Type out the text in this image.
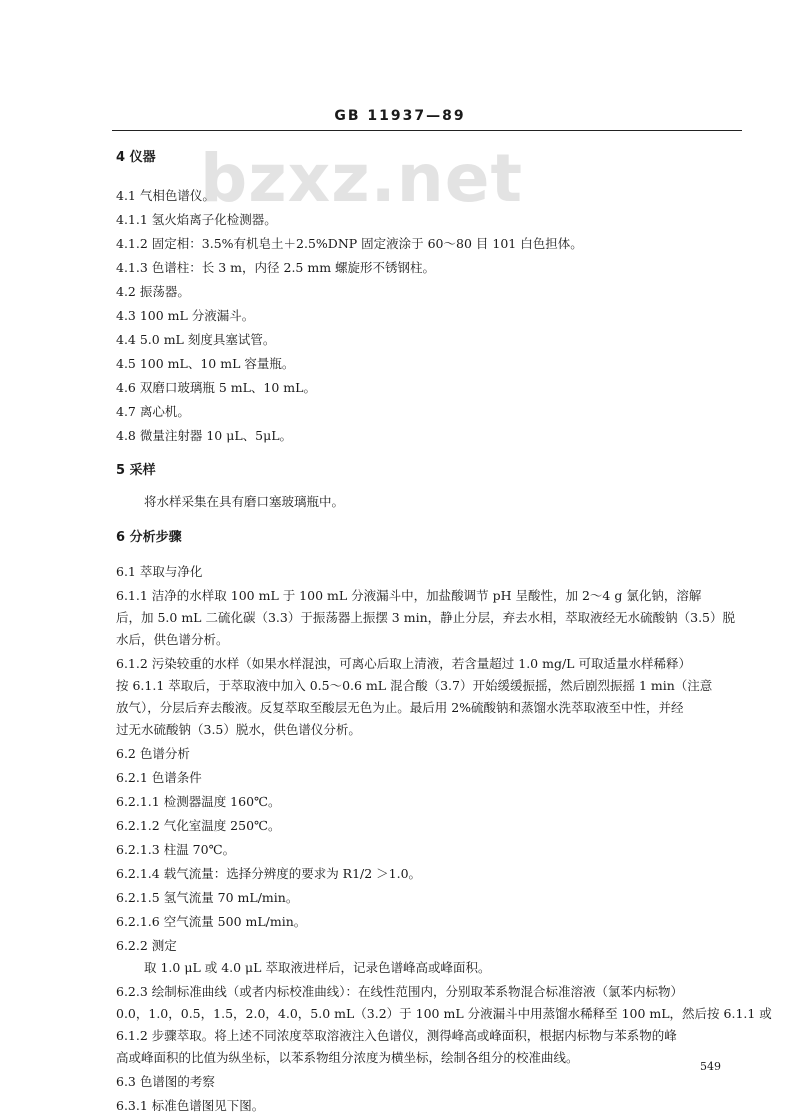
GB 11937—89
bzxz.net
4 仪器
4.1 气相色谱仪。
4.1.1 氢火焰离子化检测器。
4.1.2 固定相：3.5%有机皂土＋2.5%DNP 固定液涂于 60～80 目 101 白色担体。
4.1.3 色谱柱：长 3 m，内径 2.5 mm 螺旋形不锈钢柱。
4.2 振荡器。
4.3 100 mL 分液漏斗。
4.4 5.0 mL 刻度具塞试管。
4.5 100 mL、10 mL 容量瓶。
4.6 双磨口玻璃瓶 5 mL、10 mL。
4.7 离心机。
4.8 微量注射器 10 μL、5μL。
5 采样
将水样采集在具有磨口塞玻璃瓶中。
6 分析步骤
6.1 萃取与净化
6.1.1 洁净的水样取 100 mL 于 100 mL 分液漏斗中，加盐酸调节 pH 呈酸性，加 2～4 g 氯化钠，溶解
后，加 5.0 mL 二硫化碳（3.3）于振荡器上振摆 3 min，静止分层，弃去水相，萃取液经无水硫酸钠（3.5）脱
水后，供色谱分析。
6.1.2 污染较重的水样（如果水样混浊，可离心后取上清液，若含量超过 1.0 mg/L 可取适量水样稀释）
按 6.1.1 萃取后，于萃取液中加入 0.5～0.6 mL 混合酸（3.7）开始缓缓振摇，然后剧烈振摇 1 min（注意
放气），分层后弃去酸液。反复萃取至酸层无色为止。最后用 2%硫酸钠和蒸馏水洗萃取液至中性，并经
过无水硫酸钠（3.5）脱水，供色谱仪分析。
6.2 色谱分析
6.2.1 色谱条件
6.2.1.1 检测器温度 160℃。
6.2.1.2 气化室温度 250℃。
6.2.1.3 柱温 70℃。
6.2.1.4 载气流量：选择分辨度的要求为 R1/2 ＞1.0。
6.2.1.5 氢气流量 70 mL/min。
6.2.1.6 空气流量 500 mL/min。
6.2.2 测定
取 1.0 μL 或 4.0 μL 萃取液进样后，记录色谱峰高或峰面积。
6.2.3 绘制标准曲线（或者内标校准曲线）：在线性范围内，分别取苯系物混合标准溶液（氯苯内标物）
0.0，1.0，0.5，1.5，2.0，4.0，5.0 mL（3.2）于 100 mL 分液漏斗中用蒸馏水稀释至 100 mL，然后按 6.1.1 或
6.1.2 步骤萃取。将上述不同浓度萃取溶液注入色谱仪，测得峰高或峰面积，根据内标物与苯系物的峰
高或峰面积的比值为纵坐标，以苯系物组分浓度为横坐标，绘制各组分的校准曲线。
6.3 色谱图的考察
6.3.1 标准色谱图见下图。
549
